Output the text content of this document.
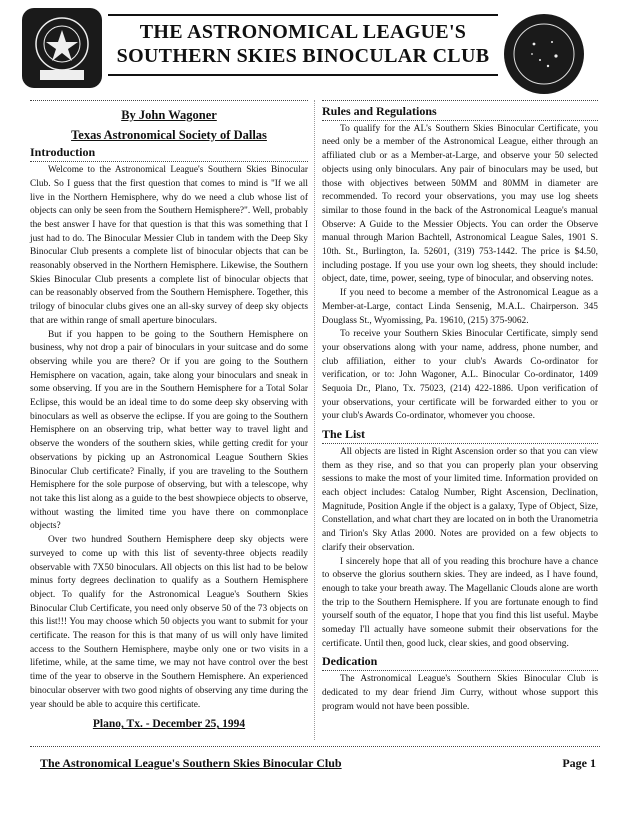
THE ASTRONOMICAL LEAGUE'S
SOUTHERN SKIES BINOCULAR CLUB
By John Wagoner
Texas Astronomical Society of Dallas
Introduction

Welcome to the Astronomical League's Southern Skies Binocular Club. So I guess that the first question that comes to mind is "If we all live in the Northern Hemisphere, why do we need a club whose list of objects can only be seen from the Southern Hemisphere?". Well, probably the best answer I have for that question is that this was something that I just had to do. The Binocular Messier Club in tandem with the Deep Sky Binocular Club presents a complete list of binocular objects that can be reasonably observed in the Northern Hemisphere. Likewise, the Southern Skies Binocular Club presents a complete list of binocular objects that can be reasonably observed from the Southern Hemisphere. Together, this trilogy of binocular clubs gives one an all-sky survey of deep sky objects that are within range of small aperture binoculars.

But if you happen to be going to the Southern Hemisphere on business, why not drop a pair of binoculars in your suitcase and do some observing while you are there? Or if you are going to the Southern Hemisphere on vacation, again, take along your binoculars and sneak in some observing. If you are in the Southern Hemisphere for a Total Solar Eclipse, this would be an ideal time to do some deep sky observing with binoculars as well as observe the eclipse. If you are going to the Southern Hemisphere on an observing trip, what better way to travel light and observe the wonders of the southern skies, while getting credit for your observations by picking up an Astronomical League Southern Skies Binocular Club certificate? Finally, if you are traveling to the Southern Hemisphere for the sole purpose of observing, but with a telescope, why not take this list along as a guide to the best showpiece objects to observe, without wasting the limited time you have there on commonplace objects?

Over two hundred Southern Hemisphere deep sky objects were surveyed to come up with this list of seventy-three objects readily observable with 7X50 binoculars. All objects on this list had to be below minus forty degrees declination to qualify as a Southern Hemisphere object. To qualify for the Astronomical League's Southern Skies Binocular Club Certificate, you need only observe 50 of the 73 objects on this list!!! You may choose which 50 objects you want to submit for your certificate. The reason for this is that many of us will only have limited access to the Southern Hemisphere, maybe only one or two visits in a lifetime, while, at the same time, we may not have control over the best time of the year to observe in the Southern Hemisphere. An experienced binocular observer with two good nights of observing any time during the year should be able to acquire this certificate.

Plano, Tx. - December 25, 1994
Rules and Regulations

To qualify for the AL's Southern Skies Binocular Certificate, you need only be a member of the Astronomical League, either through an affiliated club or as a Member-at-Large, and observe your 50 selected objects using only binoculars. Any pair of binoculars may be used, but those with objectives between 50MM and 80MM in diameter are recommended. To record your observations, you may use log sheets similar to those found in the back of the Astronomical League's manual Observe: A Guide to the Messier Objects. You can order the Observe manual through Marion Bachtell, Astronomical League Sales, 1901 S. 10th. St., Burlington, Ia. 52601, (319) 753-1442. The price is $4.50, including postage. If you use your own log sheets, they should include: object, date, time, power, seeing, type of binocular, and observing notes.

If you need to become a member of the Astronomical League as a Member-at-Large, contact Linda Sensenig, M.A.L. Chairperson. 345 Douglass St., Wyomissing, Pa. 19610, (215) 375-9062.

To receive your Southern Skies Binocular Certificate, simply send your observations along with your name, address, phone number, and club affiliation, either to your club's Awards Co-ordinator for verification, or to: John Wagoner, A.L. Binocular Co-ordinator, 1409 Sequoia Dr., Plano, Tx. 75023, (214) 422-1886. Upon verification of your observations, your certificate will be forwarded either to you or your club's Awards Co-ordinator, whomever you choose.

The List

All objects are listed in Right Ascension order so that you can view them as they rise, and so that you can properly plan your observing sessions to make the most of your limited time. Information provided on each object includes: Catalog Number, Right Ascension, Declination, Magnitude, Position Angle if the object is a galaxy, Type of Object, Size, Constellation, and what chart they are located on in both the Uranometria and Tirion's Sky Atlas 2000. Notes are provided on a few objects to clarify their observation.

I sincerely hope that all of you reading this brochure have a chance to observe the glorius southern skies. They are indeed, as I have found, enough to take your breath away. The Magellanic Clouds alone are worth the trip to the Southern Hemisphere. If you are fortunate enough to find yourself south of the equator, I hope that you find this list useful. Maybe someday I'll actually have someone submit their observations for the certificate. Until then, good luck, clear skies, and good observing.

Dedication

The Astronomical League's Southern Skies Binocular Club is dedicated to my dear friend Jim Curry, without whose support this program would not have been possible.

The Astronomical League's Southern Skies Binocular Club	Page 1
